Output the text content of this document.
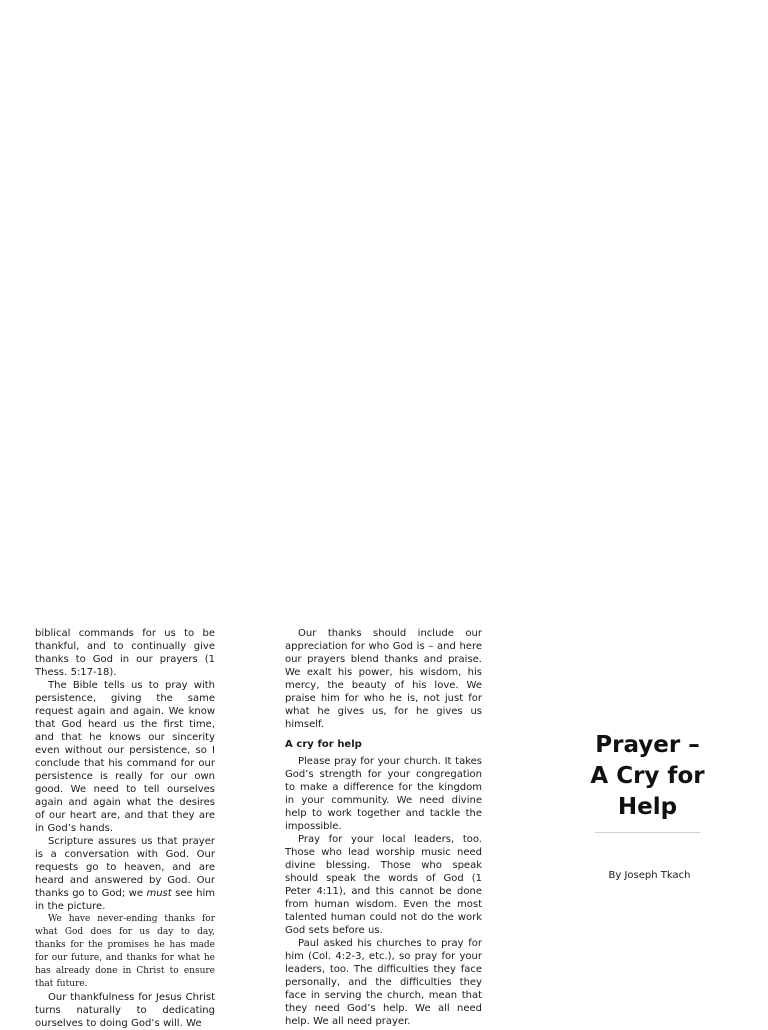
biblical commands for us to be thankful, and to continually give thanks to God in our prayers (1 Thess. 5:17-18).

The Bible tells us to pray with persistence, giving the same request again and again. We know that God heard us the first time, and that he knows our sincerity even without our persistence, so I conclude that his command for our persistence is really for our own good. We need to tell ourselves again and again what the desires of our heart are, and that they are in God’s hands.

Scripture assures us that prayer is a conversation with God. Our requests go to heaven, and are heard and answered by God. Our thanks go to God; we must see him in the picture.

We have never-ending thanks for what God does for us day to day, thanks for the promises he has made for our future, and thanks for what he has already done in Christ to ensure that future.

Our thankfulness for Jesus Christ turns naturally to dedicating ourselves to doing God’s will. We

Our thanks should include our appreciation for who God is – and here our prayers blend thanks and praise. We exalt his power, his wisdom, his mercy, the beauty of his love. We praise him for who he is, not just for what he gives us, for he gives us himself.

A cry for help

Please pray for your church. It takes God’s strength for your congregation to make a difference for the kingdom in your community. We need divine help to work together and tackle the impossible.

Pray for your local leaders, too. Those who lead worship music need divine blessing. Those who speak should speak the words of God (1 Peter 4:11), and this cannot be done from human wisdom. Even the most talented human could not do the work God sets before us.

Paul asked his churches to pray for him (Col. 4:2-3, etc.), so pray for your leaders, too. The difficulties they face personally, and the difficulties they face in serving the church, mean that they need God’s help. We all need help. We all need prayer.

Prayer –
A Cry for
Help
By Joseph Tkach
